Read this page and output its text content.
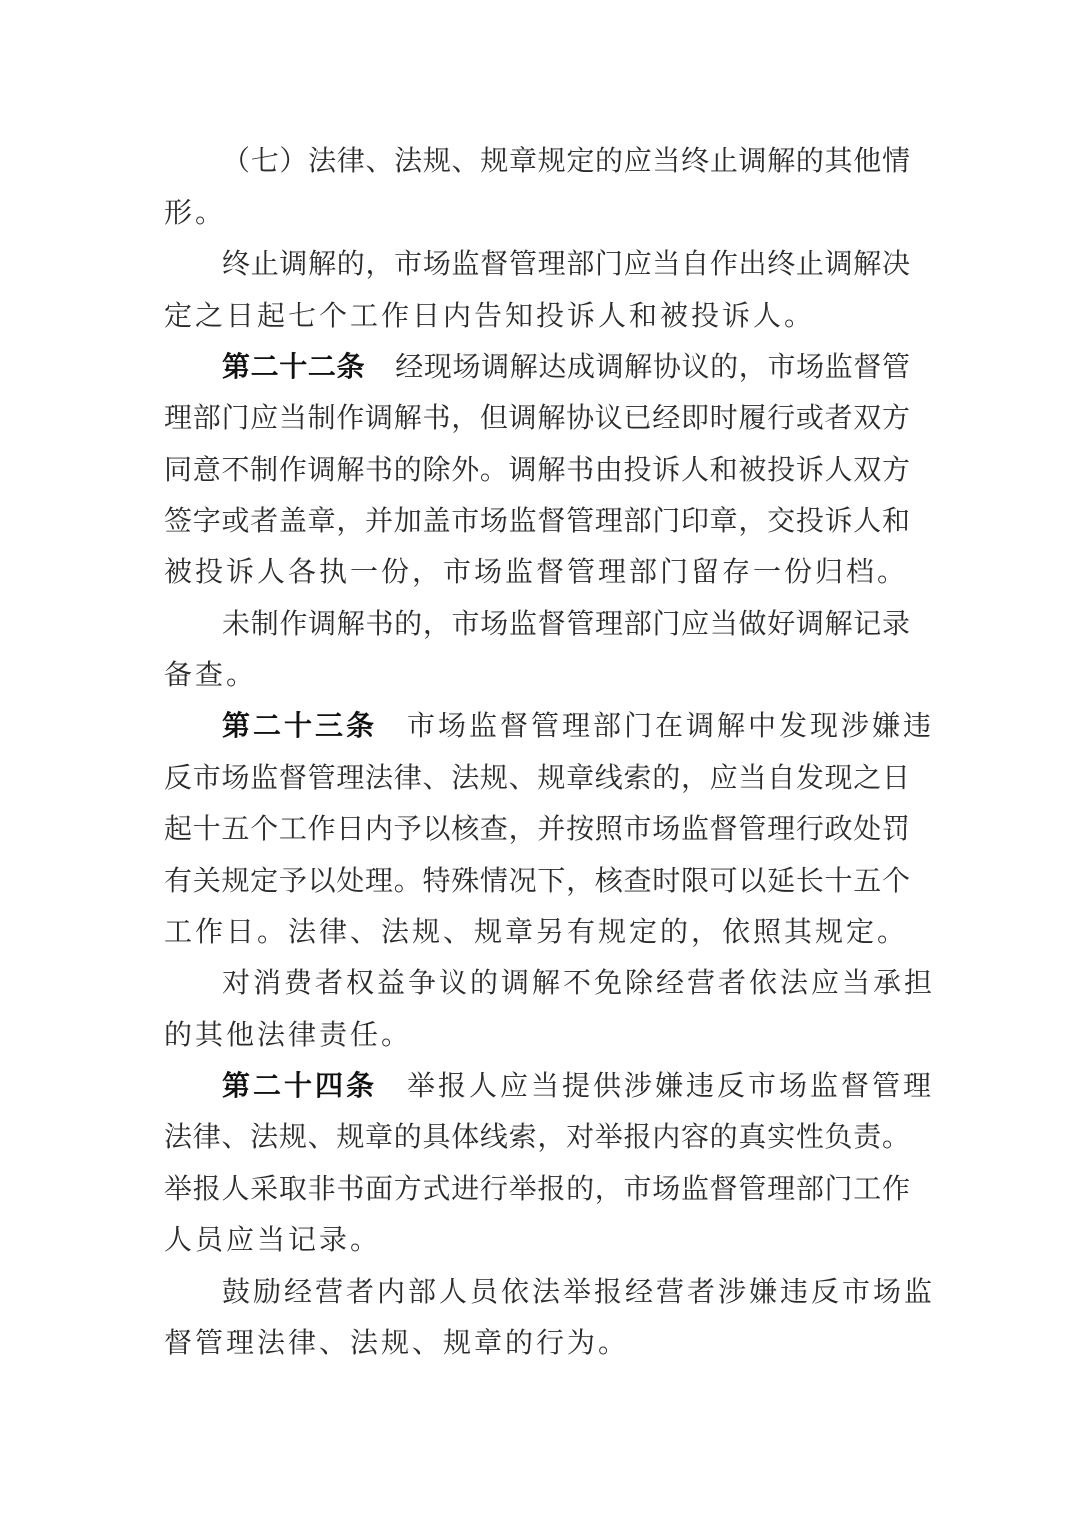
（七）法律、法规、规章规定的应当终止调解的其他情
形。
终止调解的，市场监督管理部门应当自作出终止调解决
定之日起七个工作日内告知投诉人和被投诉人。
第二十二条 经现场调解达成调解协议的，市场监督管
理部门应当制作调解书，但调解协议已经即时履行或者双方
同意不制作调解书的除外。调解书由投诉人和被投诉人双方
签字或者盖章，并加盖市场监督管理部门印章，交投诉人和
被投诉人各执一份，市场监督管理部门留存一份归档。
未制作调解书的，市场监督管理部门应当做好调解记录
备查。
第二十三条 市场监督管理部门在调解中发现涉嫌违
反市场监督管理法律、法规、规章线索的，应当自发现之日
起十五个工作日内予以核查，并按照市场监督管理行政处罚
有关规定予以处理。特殊情况下，核查时限可以延长十五个
工作日。法律、法规、规章另有规定的，依照其规定。
对消费者权益争议的调解不免除经营者依法应当承担
的其他法律责任。
第二十四条 举报人应当提供涉嫌违反市场监督管理
法律、法规、规章的具体线索，对举报内容的真实性负责。
举报人采取非书面方式进行举报的，市场监督管理部门工作
人员应当记录。
鼓励经营者内部人员依法举报经营者涉嫌违反市场监
督管理法律、法规、规章的行为。
